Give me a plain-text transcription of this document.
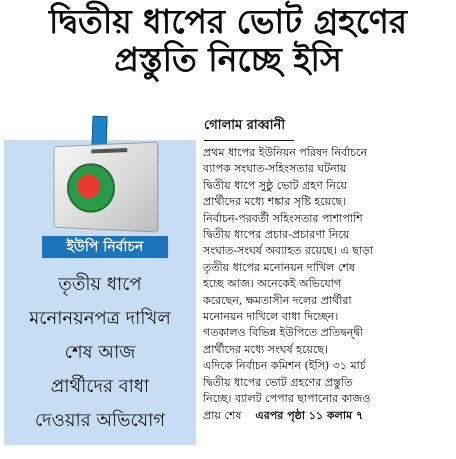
দ্বিতীয় ধাপের ভোট গ্রহণের
প্রস্তুতি নিচ্ছে ইসি
ইউপি নির্বাচন
তৃতীয় ধাপে
মনোনয়নপত্র দাখিল
শেষ আজ
প্রার্থীদের বাধা
দেওয়ার অভিযোগ
গোলাম রাব্বানী
প্রথম ধাপের ইউনিয়ন পরিষদ নির্বাচনে
ব্যাপক সংঘাত-সহিংসতার ঘটনায়
দ্বিতীয় ধাপে সুষ্ঠু ভোট গ্রহণ নিয়ে
প্রার্থীদের মধ্যে শঙ্কার সৃষ্টি হয়েছে।
নির্বাচন-পরবর্তী সহিংসতার পাশাপাশি
দ্বিতীয় ধাপের প্রচার-প্রচারণা নিয়ে
সংঘাত-সংঘর্ষ অব্যাহত রয়েছে। এ ছাড়া
তৃতীয় ধাপের মনোনয়ন দাখিল শেষ
হচ্ছে আজ। অনেকেই অভিযোগ
করেছেন, ক্ষমতাসীন দলের প্রার্থীরা
মনোনয়ন দাখিলে বাধা দিচ্ছেন।
গতকালও বিভিন্ন ইউপিতে প্রতিদ্বন্দ্বী
প্রার্থীদের মধ্যে সংঘর্ষ হয়েছে।
এদিকে নির্বাচন কমিশন (ইসি) ৩১ মার্চ
দ্বিতীয় ধাপের ভোট গ্রহণের প্রস্তুতি
নিচ্ছে। ব্যালট পেপার ছাপানোর কাজও
প্রায় শেষ এরপর পৃষ্ঠা ১১ কলাম ৭
